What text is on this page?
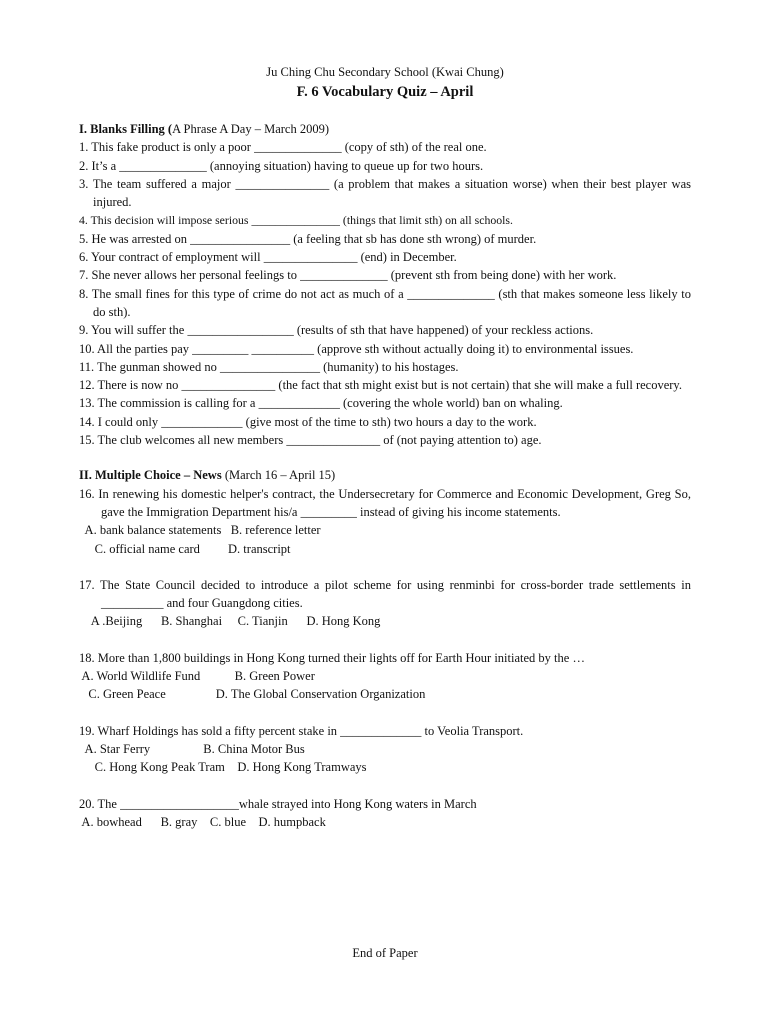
Ju Ching Chu Secondary School (Kwai Chung)
F. 6 Vocabulary Quiz – April
I. Blanks Filling (A Phrase A Day – March 2009)
1. This fake product is only a poor ______________ (copy of sth) of the real one.
2. It’s a ______________ (annoying situation) having to queue up for two hours.
3. The team suffered a major _______________ (a problem that makes a situation worse) when their best player was injured.
4. This decision will impose serious _______________ (things that limit sth) on all schools.
5. He was arrested on ________________ (a feeling that sb has done sth wrong) of murder.
6. Your contract of employment will _______________ (end) in December.
7. She never allows her personal feelings to ______________ (prevent sth from being done) with her work.
8. The small fines for this type of crime do not act as much of a ______________ (sth that makes someone less likely to do sth).
9. You will suffer the _________________ (results of sth that have happened) of your reckless actions.
10. All the parties pay _________ __________ (approve sth without actually doing it) to environmental issues.
11. The gunman showed no ________________ (humanity) to his hostages.
12. There is now no _______________ (the fact that sth might exist but is not certain) that she will make a full recovery.
13. The commission is calling for a _____________ (covering the whole world) ban on whaling.
14. I could only _____________ (give most of the time to sth) two hours a day to the work.
15. The club welcomes all new members _______________ of (not paying attention to) age.
II. Multiple Choice – News (March 16 – April 15)
16. In renewing his domestic helper's contract, the Undersecretary for Commerce and Economic Development, Greg So, gave the Immigration Department his/a _________ instead of giving his income statements.
A. bank balance statements   B. reference letter
C. official name card         D. transcript
17. The State Council decided to introduce a pilot scheme for using renminbi for cross-border trade settlements in __________ and four Guangdong cities.
A .Beijing      B. Shanghai     C. Tianjin      D. Hong Kong
18. More than 1,800 buildings in Hong Kong turned their lights off for Earth Hour initiated by the …
A. World Wildlife Fund           B. Green Power
C. Green Peace                D. The Global Conservation Organization
19. Wharf Holdings has sold a fifty percent stake in _____________ to Veolia Transport.
A. Star Ferry                 B. China Motor Bus
C. Hong Kong Peak Tram    D. Hong Kong Tramways
20. The ___________________whale strayed into Hong Kong waters in March
A. bowhead      B. gray    C. blue    D. humpback
End of Paper
